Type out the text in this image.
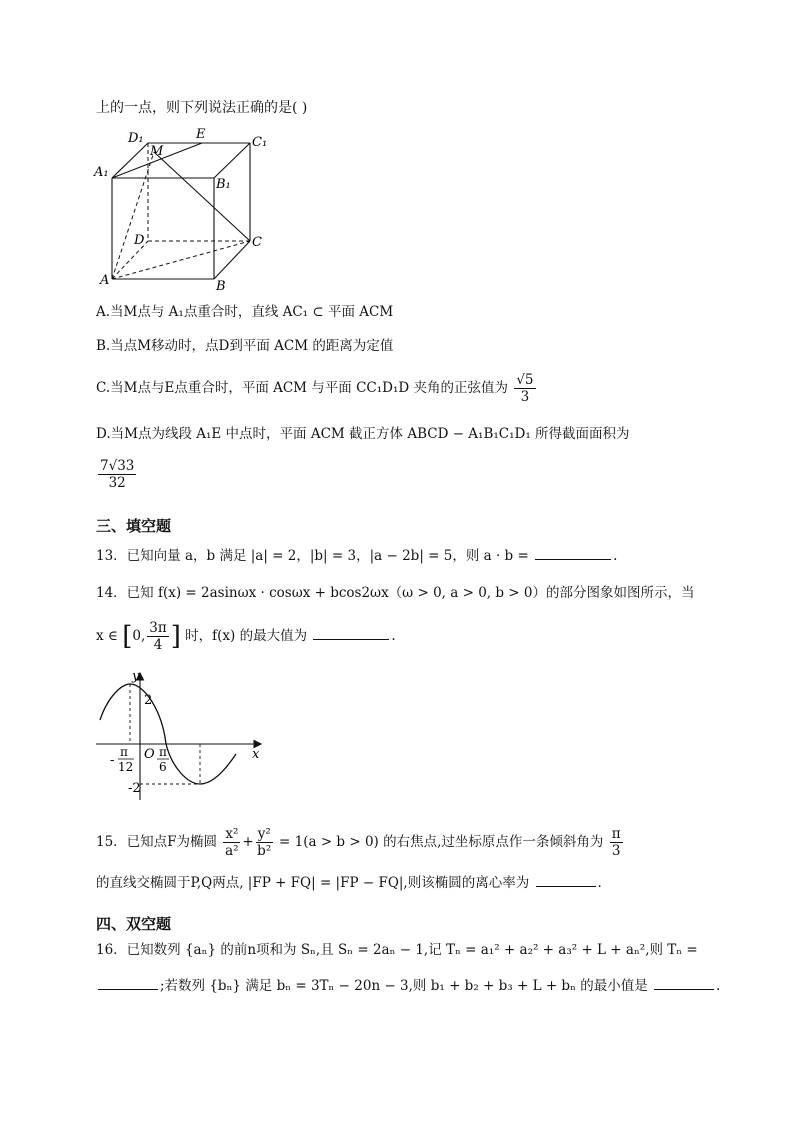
上的一点，则下列说法正确的是( )
D₁	E
C₁
M
A₁
B₁
D	C
A	B
A.当M点与 A₁点重合时，直线 AC₁ ⊂ 平面 ACM
B.当点M移动时，点D到平面 ACM 的距离为定值
C.当M点与E点重合时，平面 ACM 与平面 CC₁D₁D 夹角的正弦值为 $\frac{√5}{3}$
D.当M点为线段 A₁E 中点时，平面 ACM 截正方体 ABCD − A₁B₁C₁D₁ 所得截面面积为
$\frac{7√33}{32}$
三、填空题
13．已知向量 a，b 满足 |a| = 2，|b| = 3，|a − 2b| = 5，则 a · b =	.
14．已知 f(x) = 2asinωx · cosωx + bcos2ωx（ω > 0, a > 0, b > 0）的部分图象如图所示，当
x ∈ [0, $\frac{3\pi}{4}$ ] 时，f(x) 的最大值为	.
y
x
2
-2
O
-
π
12
π
6
15．已知点F为椭圆 $\frac{\text{x²}}{\text{a²}} + \frac{\text{y²}}{\text{b²}} = 1(a > b > 0)$ 的右焦点,过坐标原点作一条倾斜角为 $\frac{\pi}{3}$
的直线交椭圆于P,Q两点, |FP + FQ| = |FP − FQ|,则该椭圆的离心率为	.
四、双空题
16．已知数列 {aₙ} 的前n项和为 Sₙ,且 Sₙ = 2aₙ − 1,记 Tₙ = a₁² + a₂² + a₃² + L + aₙ²,则 Tₙ =
;若数列 {bₙ} 满足 bₙ = 3Tₙ − 20n − 3,则 b₁ + b₂ + b₃ + L + bₙ 的最小值是	.
